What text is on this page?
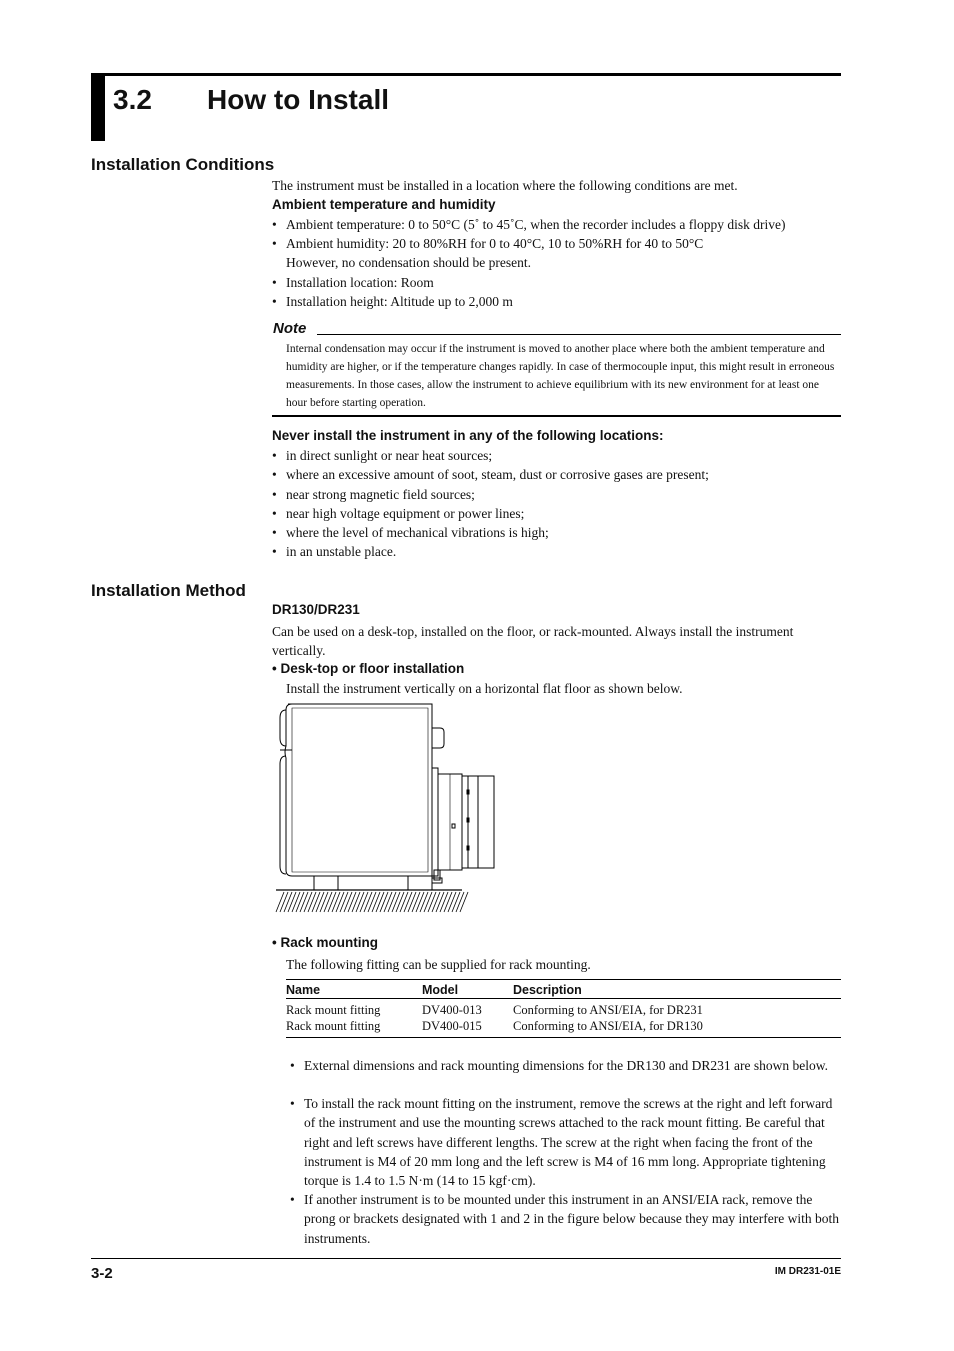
3.2 How to Install
Installation Conditions
The instrument must be installed in a location where the following conditions are met.
Ambient temperature and humidity
• Ambient temperature: 0 to 50°C (5˚ to 45˚C, when the recorder includes a floppy disk drive)
• Ambient humidity: 20 to 80%RH for 0 to 40°C, 10 to 50%RH for 40 to 50°C
However, no condensation should be present.
• Installation location: Room
• Installation height: Altitude up to 2,000 m
Note
Internal condensation may occur if the instrument is moved to another place where both the ambient temperature and humidity are higher, or if the temperature changes rapidly. In case of thermocouple input, this might result in erroneous measurements. In those cases, allow the instrument to achieve equilibrium with its new environment for at least one hour before starting operation.
Never install the instrument in any of the following locations:
• in direct sunlight or near heat sources;
• where an excessive amount of soot, steam, dust or corrosive gases are present;
• near strong magnetic field sources;
• near high voltage equipment or power lines;
• where the level of mechanical vibrations is high;
• in an unstable place.
Installation Method
DR130/DR231
Can be used on a desk-top, installed on the floor, or rack-mounted. Always install the instrument vertically.
• Desk-top or floor installation
Install the instrument vertically on a horizontal flat floor as shown below.
• Rack mounting
The following fitting can be supplied for rack mounting.
Name	Model	Description
Rack mount fitting	DV400-013	Conforming to ANSI/EIA, for DR231
Rack mount fitting	DV400-015	Conforming to ANSI/EIA, for DR130
• External dimensions and rack mounting dimensions for the DR130 and DR231 are shown below.
• To install the rack mount fitting on the instrument, remove the screws at the right and left forward of the instrument and use the mounting screws attached to the rack mount fitting. Be careful that right and left screws have different lengths. The screw at the right when facing the front of the instrument is M4 of 20 mm long and the left screw is M4 of 16 mm long. Appropriate tightening torque is 1.4 to 1.5 N·m (14 to 15 kgf·cm).
• If another instrument is to be mounted under this instrument in an ANSI/EIA rack, remove the prong or brackets designated with 1 and 2 in the figure below because they may interfere with both instruments.
3-2	IM DR231-01E
